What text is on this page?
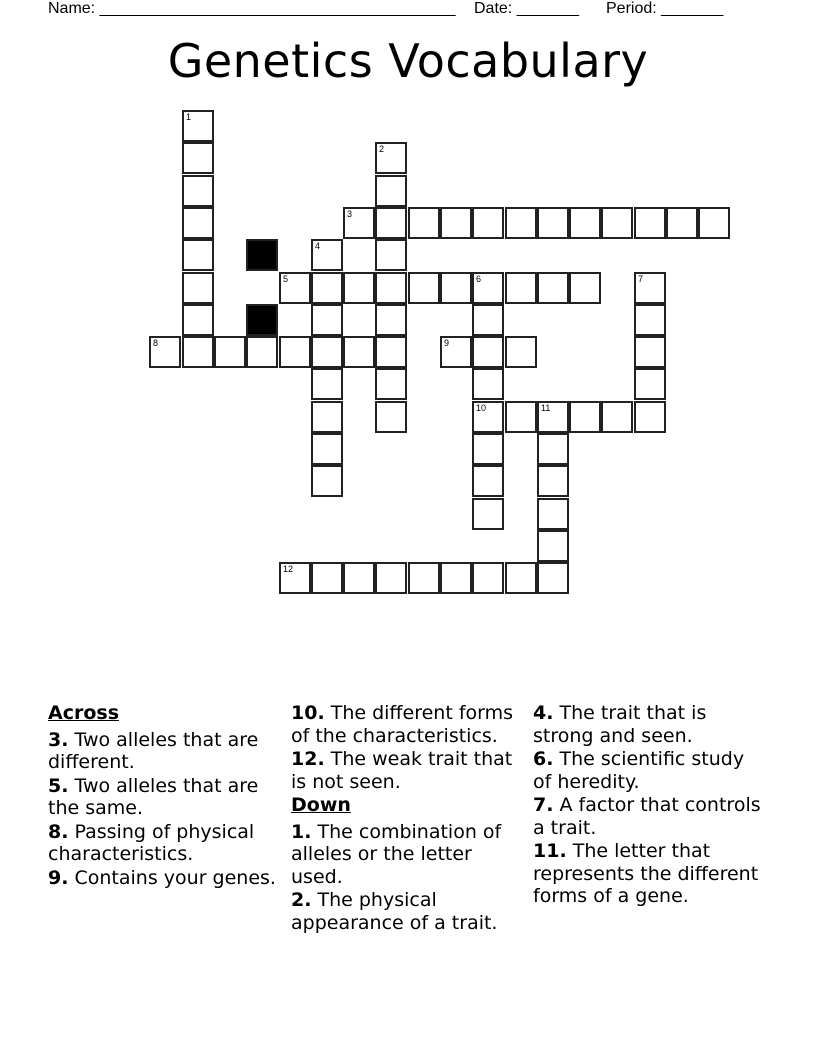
Name: ________________________________________ Date: _______ Period: _______
Genetics Vocabulary
1
2
3
4
5	6
10
7
8	9
11
12
Across
3. Two alleles that are different.
5. Two alleles that are the same.
8. Passing of physical characteristics.
9. Contains your genes.
10. The different forms of the characteristics.
12. The weak trait that is not seen.
Down
1. The combination of alleles or the letter used.
2. The physical appearance of a trait.
4. The trait that is strong and seen.
6. The scientific study of heredity.
7. A factor that controls a trait.
11. The letter that represents the different forms of a gene.
